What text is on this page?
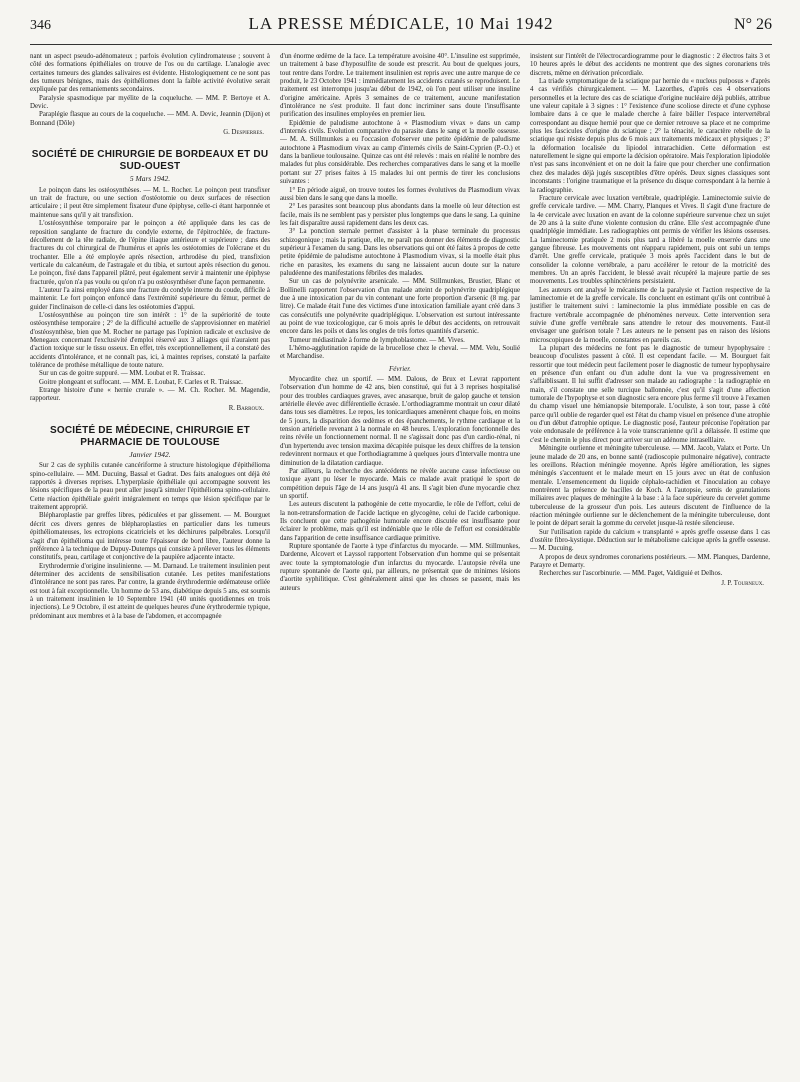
346	LA PRESSE MÉDICALE, 10 Mai 1942	N° 26

nant un aspect pseudo-adénomateux ; parfois évolution cylindromateuse ; souvent à côté des formations épithéliales on trouve de l'os ou du cartilage. L'analogie avec certaines tumeurs des glandes salivaires est évidente. Histologiquement ce ne sont pas des tumeurs bénignes, mais des épithéliomes dont la faible activité évolutive serait expliquée par des remaniements secondaires.

Paralysie spasmodique par myélite de la coqueluche. — MM. P. Bertoye et A. Devic.

Paraplégie flasque au cours de la coqueluche. — MM. A. Devic, Jeannin (Dijon) et Bonnand (Dôle)

G. Despierres.
SOCIÉTÉ DE CHIRURGIE DE BORDEAUX ET DU SUD-OUEST
5 Mars 1942.

Le poinçon dans les ostéosynthèses. — M. L. Rocher. Le poinçon peut transfixer un trait de fracture, ou une section d'ostéotomie ou deux surfaces de résection articulaire ; il peut être simplement fixateur d'une épiphyse, celle-ci étant harponnée et maintenue sans qu'il y ait transfixion.

L'ostéosynthèse temporaire par le poinçon a été appliquée dans les cas de reposition sanglante de fracture du condyle externe, de l'épitrochlée, de fracture-décollement de la tête radiale, de l'épine iliaque antérieure et supérieure ; dans des fractures du col chirurgical de l'humérus et après les ostéotomies de l'olécrane et du trochanter. Elle a été employée après résection, arthrodèse du pied, transfixion verticale du calcanéum, de l'astragale et du tibia, et surtout après résection du genou. Le poinçon, fixé dans l'appareil plâtré, peut également servir à maintenir une épiphyse fracturée, qu'on n'a pas voulu ou qu'on n'a pu ostéosynthéser d'une façon permanente.

L'auteur l'a ainsi employé dans une fracture du condyle interne du coude, difficile à maintenir. Le fort poinçon enfoncé dans l'extrémité supérieure du fémur, permet de guider l'inclinaison de celle-ci dans les ostéotomies d'appui.

L'ostéosynthèse au poinçon tire son intérêt : 1° de la supériorité de toute ostéosynthèse temporaire ; 2° de la difficulté actuelle de s'approvisionner en matériel d'ostéosynthèse, bien que M. Rocher ne partage pas l'opinion radicale et exclusive de Menegaux concernant l'exclusivité d'emploi réservé aux 3 alliages qui n'auraient pas d'action toxique sur le tissu osseux. En effet, très exceptionnellement, il a constaté des accidents d'intolérance, et ne connaît pas, ici, à maintes reprises, constaté la parfaite tolérance de prothèse métallique de toute nature.

Sur un cas de goitre suppuré. — MM. Loubat et R. Traissac.

Goitre plongeant et suffocant. — MM. E. Loubat, F. Carles et R. Traissac.

Etrange histoire d'une « hernie crurale ». — M. Ch. Rocher. M. Magendie, rapporteur.

R. Barroux.
SOCIÉTÉ DE MÉDECINE, CHIRURGIE ET PHARMACIE DE TOULOUSE
Janvier 1942.

Sur 2 cas de syphilis cutanée cancériforme à structure histologique d'épithélioma spino-cellulaire. — MM. Ducuing, Bassal et Gadrat. Des faits analogues ont déjà été rapportés à diverses reprises. L'hyperplasie épithéliale qui accompagne souvent les lésions spécifiques de la peau peut aller jusqu'à simuler l'épithélioma spino-cellulaire. Cette réaction épithéliale guérit intégralement en temps que lésion spécifique par le traitement approprié.

Blépharoplastie par greffes libres, pédiculées et par glissement. — M. Bourguet décrit ces divers genres de blépharoplasties en particulier dans les tumeurs épithéliomateuses, les ectropions cicatriciels et les déchirures palpébrales. Lorsqu'il s'agit d'un épithélioma qui intéresse toute l'épaisseur de bord libre, l'auteur donne la préférence à la technique de Dupuy-Dutemps qui consiste à prélever tous les éléments constitutifs, peau, cartilage et conjonctive de la paupière adjacente intacte.

Erythrodermie d'origine insulinienne. — M. Darnaud. Le traitement insulinien peut déterminer des accidents de sensibilisation cutanée. Les petites manifestations d'intolérance ne sont pas rares. Par contre, la grande érythrodermie œdémateuse orliée est tout à fait exceptionnelle. Un homme de 53 ans, diabétique depuis 5 ans, est soumis à un traitement insulinien le 10 Septembre 1941 (40 unités quotidiennes en trois injections). Le 9 Octobre, il est atteint de quelques heures d'une érythrodermie typique, prédominant aux membres et à la base de l'abdomen, et accompagnée

d'un énorme œdème de la face. La température avoisine 40°. L'insuline est supprimée, un traitement à base d'hyposulfite de soude est prescrit. Au bout de quelques jours, tout rentre dans l'ordre. Le traitement insulinien est repris avec une autre marque de ce produit, le 23 Octobre 1941 : immédiatement les accidents cutanés se reproduisent. Le traitement est interrompu jusqu'au début de 1942, où l'on peut utiliser une insuline d'origine américaine. Après 3 semaines de ce traitement, aucune manifestation d'intolérance ne s'est produite. Il faut donc incriminer sans doute l'insuffisante purification des insulines employées en premier lieu.

Epidémie de paludisme autochtone à « Plasmodium vivax » dans un camp d'internés civils. Evolution comparative du parasite dans le sang et la moelle osseuse. — M. A. Stillmunkes a eu l'occasion d'observer une petite épidémie de paludisme autochtone à Plasmodium vivax au camp d'internés civils de Saint-Cyprien (P.-O.) et dans la banlieue toulousaine. Quinze cas ont été relevés : mais en réalité le nombre des malades fut plus considérable. Des recherches comparatives dans le sang et la moelle portant sur 27 prises faites à 15 malades lui ont permis de tirer les conclusions suivantes :

1° En période aiguë, on trouve toutes les formes évolutives du Plasmodium vivax aussi bien dans le sang que dans la moelle.

2° Les parasites sont beaucoup plus abondants dans la moelle où leur détection est facile, mais ils ne semblent pas y persister plus longtemps que dans le sang. La quinine les fait disparaître aussi rapidement dans les deux cas.

3° La ponction sternale permet d'assister à la phase terminale du processus schizogonique ; mais la pratique, elle, ne paraît pas donner des éléments de diagnostic supérieur à l'examen du sang. Dans les observations qui ont été faites à propos de cette petite épidémie de paludisme autochtone à Plasmodium vivax, si la moelle était plus riche en parasites, les examens du sang ne laissaient aucun doute sur la nature paludéenne des manifestations fébriles des malades.

Sur un cas de polynévrite arsenicale. — MM. Stillmunkes, Brustier, Blanc et Bollinelli rapportent l'observation d'un malade atteint de polynévrite quadriplégique due à une intoxication par du vin contenant une forte proportion d'arsenic (8 mg. par litre). Ce malade était l'une des victimes d'une intoxication familiale ayant créé dans 3 cas consécutifs une polynévrite quadriplégique. L'observation est surtout intéressante au point de vue toxicologique, car 6 mois après le début des accidents, on retrouvait encore dans les poils et dans les ongles de très fortes quantités d'arsenic.

Tumeur médiastinale à forme de lymphoblastome. — M. Vives.

L'hémo-agglutination rapide de la brucellose chez le cheval. — MM. Velu, Soulié et Marchandise.

Février.

Myocardite chez un sportif. — MM. Dalous, de Brux et Levrat rapportent l'observation d'un homme de 42 ans, bien constitué, qui fut à 3 reprises hospitalisé pour des troubles cardiaques graves, avec anasarque, bruit de galop gauche et tension artérielle élevée avec différentielle écrasée. L'orthodiagramme montrait un cœur dilaté dans tous ses diamètres. Le repos, les tonicardiaques amenèrent chaque fois, en moins de 5 jours, la disparition des œdèmes et des épanchements, le rythme cardiaque et la tension artérielle revenant à la normale en 48 heures. L'exploration fonctionnelle des reins révèle un fonctionnement normal. Il ne s'agissait donc pas d'un cardio-rénal, ni d'un hypertendu avec tension maxima décapitée puisque les deux chiffres de la tension redevinrent normaux et que l'orthodiagramme à quelques jours d'intervalle montra une diminution de la dilatation cardiaque.

Par ailleurs, la recherche des antécédents ne révèle aucune cause infectieuse ou toxique ayant pu léser le myocarde. Mais ce malade avait pratiqué le sport de compétition depuis l'âge de 14 ans jusqu'à 41 ans. Il s'agit bien d'une myocardie chez un sportif.

Les auteurs discutent la pathogénie de cette myocardie, le rôle de l'effort, celui de la non-retransformation de l'acide lactique en glycogène, celui de l'acide carbonique. Ils concluent que cette pathogénie humorale encore discutée est insuffisante pour éclairer le problème, mais qu'il est indéniable que le rôle de l'effort est considérable dans l'apparition de cette insuffisance cardiaque primitive.

Rupture spontanée de l'aorte à type d'infarctus du myocarde. — MM. Stillmunkes, Dardenne, Alcovert et Layssol rapportent l'observation d'un homme qui se présentait avec toute la symptomatologie d'un infarctus du myocarde. L'autopsie révéla une rupture spontanée de l'aorte qui, par ailleurs, ne présentait que de minimes lésions d'aortite syphilitique. C'est généralement ainsi que les choses se passent, mais les auteurs

insistent sur l'intérêt de l'électrocardiogramme pour le diagnostic : 2 électros faits 3 et 10 heures après le début des accidents ne montrent que des signes coronariens très discrets, même en dérivation précordiale.

La triade symptomatique de la sciatique par hernie du « nucleus pulposus » d'après 4 cas vérifiés chirurgicalement. — M. Lazorthes, d'après ces 4 observations personnelles et la lecture des cas de sciatique d'origine nucléaire déjà publiés, attribue une valeur capitale à 3 signes : 1° l'existence d'une scoliose directe et d'une cyphose lombaire dans à ce que le malade cherche à faire bâiller l'espace intervertébral correspondant au disque hernié pour que ce dernier retrouve sa place et ne comprime plus les fascicules d'origine du sciatique ; 2° la ténacité, le caractère rebelle de la sciatique qui résiste depuis plus de 6 mois aux traitements médicaux et physiques ; 3° la déformation localisée du lipiodol intrarachidien. Cette déformation est naturellement le signe qui emporte la décision opératoire. Mais l'exploration lipiodolée n'est pas sans inconvénient et on ne doit la faire que pour chercher une confirmation chez des malades déjà jugés susceptibles d'être opérés. Deux signes classiques sont inconstants : l'origine traumatique et la présence du disque correspondant à la hernie à la radiographie.

Fracture cervicale avec luxation vertébrale, quadriplégie. Laminectomie suivie de greffe cervicale tardive. — MM. Charry, Planques et Vives. Il s'agit d'une fracture de la 4e cervicale avec luxation en avant de la colonne supérieure survenue chez un sujet de 20 ans à la suite d'une violente contusion du crâne. Elle s'est accompagnée d'une quadriplégie immédiate. Les radiographies ont permis de vérifier les lésions osseuses. La laminectomie pratiquée 2 mois plus tard a libéré la moelle enserrée dans une gangue fibreuse. Les mouvements ont réapparu rapidement, puis ont subi un temps d'arrêt. Une greffe cervicale, pratiquée 3 mois après l'accident dans le but de consolider la colonne vertébrale, a paru accélérer le retour de la motricité des membres. Un an après l'accident, le blessé avait récupéré la majeure partie de ses mouvements. Les troubles sphinctériens persistaient.

Les auteurs ont analysé le mécanisme de la paralysie et l'action respective de la laminectomie et de la greffe cervicale. Ils concluent en estimant qu'ils ont contribué à justifier le traitement suivi : laminectomie la plus immédiate possible en cas de fracture vertébrale accompagnée de phénomènes nerveux. Cette intervention sera suivie d'une greffe vertébrale sans attendre le retour des mouvements. Faut-il envisager une guérison totale ? Les auteurs ne le pensent pas en raison des lésions microscopiques de la moelle, constantes en pareils cas.

La plupart des médecins ne font pas le diagnostic de tumeur hypophysaire : beaucoup d'oculistes passent à côté. Il est cependant facile. — M. Bourguet fait ressortir que tout médecin peut facilement poser le diagnostic de tumeur hypophysaire en présence d'un enfant ou d'un adulte dont la vue va progressivement en s'affaiblissant. Il lui suffit d'adresser son malade au radiographe : la radiographie en main, s'il constate une selle turcique ballonnée, c'est qu'il s'agit d'une affection tumorale de l'hypophyse et son diagnostic sera encore plus ferme s'il trouve à l'examen du champ visuel une hémianopsie bitemporale. L'oculiste, à son tour, passe à côté parce qu'il oublie de regarder quel est l'état du champ visuel en présence d'une atrophie ou d'un début d'atrophie optique. Le diagnostic posé, l'auteur préconise l'opération par voie endonasale de préférence à la voie transcranienne qu'il a délaissée. Il estime que c'est le chemin le plus direct pour arriver sur un adénome intraselllaire.

Méningite ourlienne et méningite tuberculeuse. — MM. Jacob, Valatx et Porte. Un jeune malade de 20 ans, en bonne santé (radioscopie pulmonaire négative), contracte les oreillons. Réaction méningée moyenne. Après légère amélioration, les signes méningés s'accentuent et le malade meurt en 15 jours avec un état de confusion mentale. L'ensemencement du liquide céphalo-rachidien et l'inoculation au cobaye montrèrent la présence de bacilles de Koch. A l'autopsie, semis de granulations miliaires avec plaques de méningite à la base : à la face supérieure du cervelet gomme tuberculeuse de la grosseur d'un pois. Les auteurs discutent de l'influence de la réaction méningée ourlienne sur le déclenchement de la méningite tuberculeuse, dont le point de départ serait la gomme du cervelet jusque-là restée silencieuse.

Sur l'utilisation rapide du calcium « transplanté » après greffe osseuse dans 1 cas d'ostéite fibro-kystique. Déduction sur le métabolisme calcique après la greffe osseuse. — M. Ducuing.

A propos de deux syndromes coronariens postérieurs. — MM. Planques, Dardenne, Parayre et Demarty.

Recherches sur l'ascorbinurie. — MM. Paget, Valdiguié et Delhos.

J. P. Tourneux.
